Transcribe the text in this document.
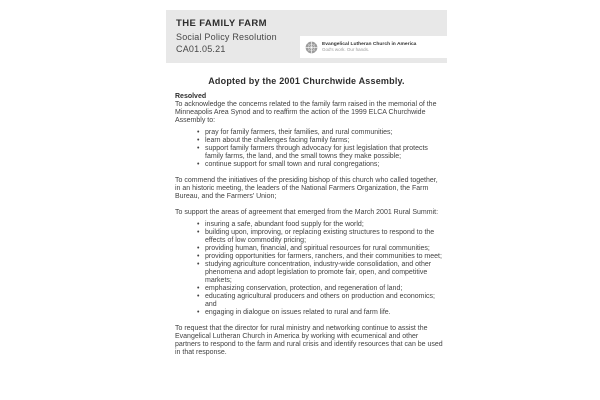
THE FAMILY FARM
Social Policy Resolution
CA01.05.21
Evangelical Lutheran Church in America
God's work. Our hands.
Adopted by the 2001 Churchwide Assembly.
Resolved
To acknowledge the concerns related to the family farm raised in the memorial of the Minneapolis Area Synod and to reaffirm the action of the 1999 ELCA Churchwide Assembly to:
• pray for family farmers, their families, and rural communities;
• learn about the challenges facing family farms;
• support family farmers through advocacy for just legislation that protects family farms, the land, and the small towns they make possible;
• continue support for small town and rural congregations;
To commend the initiatives of the presiding bishop of this church who called together, in an historic meeting, the leaders of the National Farmers Organization, the Farm Bureau, and the Farmers' Union;
To support the areas of agreement that emerged from the March 2001 Rural Summit:
• insuring a safe, abundant food supply for the world;
• building upon, improving, or replacing existing structures to respond to the effects of low commodity pricing;
• providing human, financial, and spiritual resources for rural communities;
• providing opportunities for farmers, ranchers, and their communities to meet;
• studying agriculture concentration, industry-wide consolidation, and other phenomena and adopt legislation to promote fair, open, and competitive markets;
• emphasizing conservation, protection, and regeneration of land;
• educating agricultural producers and others on production and economics; and
• engaging in dialogue on issues related to rural and farm life.
To request that the director for rural ministry and networking continue to assist the Evangelical Lutheran Church in America by working with ecumenical and other partners to respond to the farm and rural crisis and identify resources that can be used in that response.
